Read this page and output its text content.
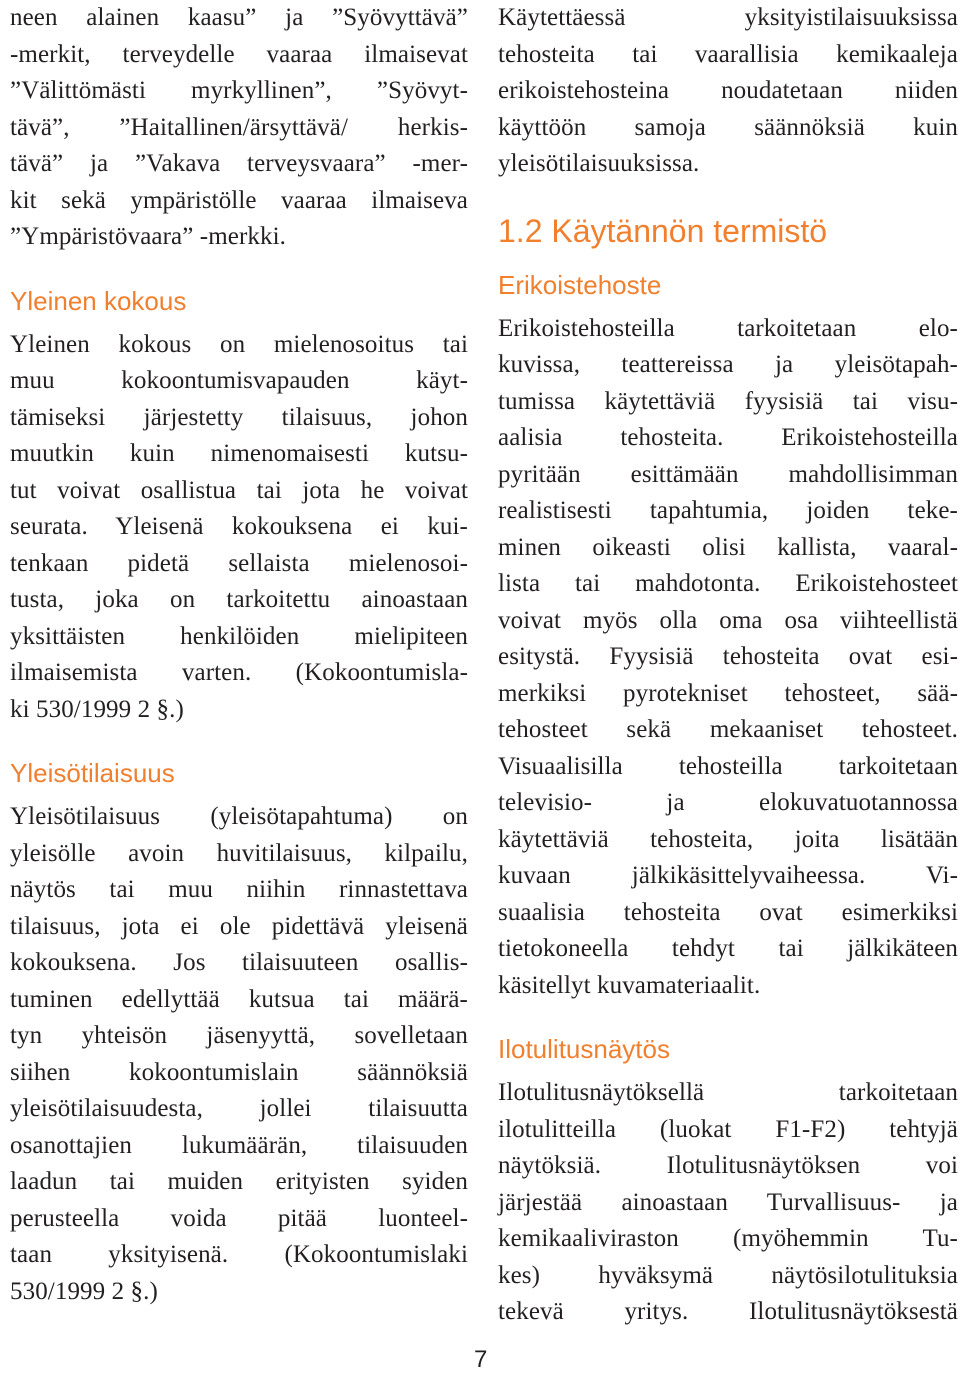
neen alainen kaasu” ja ”Syövyttävä”
-merkit, terveydelle vaaraa ilmaisevat
”Välittömästi myrkyllinen”, ”Syövyt-
tävä”, ”Haitallinen/ärsyttävä/ herkis-
tävä” ja ”Vakava terveysvaara” -mer-
kit sekä ympäristölle vaaraa ilmaiseva
”Ympäristövaara” -merkki.
Yleinen kokous
Yleinen kokous on mielenosoitus tai
muu kokoontumisvapauden käyt-
tämiseksi järjestetty tilaisuus, johon
muutkin kuin nimenomaisesti kutsu-
tut voivat osallistua tai jota he voivat
seurata. Yleisenä kokouksena ei kui-
tenkaan pidetä sellaista mielenosoi-
tusta, joka on tarkoitettu ainoastaan
yksittäisten henkilöiden mielipiteen
ilmaisemista varten. (Kokoontumisla-
ki 530/1999 2 §.)
Yleisötilaisuus
Yleisötilaisuus (yleisötapahtuma) on
yleisölle avoin huvitilaisuus, kilpailu,
näytös tai muu niihin rinnastettava
tilaisuus, jota ei ole pidettävä yleisenä
kokouksena. Jos tilaisuuteen osallis-
tuminen edellyttää kutsua tai määrä-
tyn yhteisön jäsenyyttä, sovelletaan
siihen kokoontumislain säännöksiä
yleisötilaisuudesta, jollei tilaisuutta
osanottajien lukumäärän, tilaisuuden
laadun tai muiden erityisten syiden
perusteella voida pitää luonteel-
taan yksityisenä. (Kokoontumislaki
530/1999 2 §.)
Käytettäessä yksityistilaisuuksissa
tehosteita tai vaarallisia kemikaaleja
erikoistehosteina noudatetaan niiden
käyttöön samoja säännöksiä kuin
yleisötilaisuuksissa.
1.2 Käytännön termistö
Erikoistehoste
Erikoistehosteilla tarkoitetaan elo-
kuvissa, teattereissa ja yleisötapah-
tumissa käytettäviä fyysisiä tai visu-
aalisia tehosteita. Erikoistehosteilla
pyritään esittämään mahdollisimman
realistisesti tapahtumia, joiden teke-
minen oikeasti olisi kallista, vaaral-
lista tai mahdotonta. Erikoistehosteet
voivat myös olla oma osa viihteellistä
esitystä. Fyysisiä tehosteita ovat esi-
merkiksi pyrotekniset tehosteet, sää-
tehosteet sekä mekaaniset tehosteet.
Visuaalisilla tehosteilla tarkoitetaan
televisio- ja elokuvatuotannossa
käytettäviä tehosteita, joita lisätään
kuvaan jälkikäsittelyvaiheessa. Vi-
suaalisia tehosteita ovat esimerkiksi
tietokoneella tehdyt tai jälkikäteen
käsitellyt kuvamateriaalit.
Ilotulitusnäytös
Ilotulitusnäytöksellä tarkoitetaan
ilotulitteilla (luokat F1-F2) tehtyjä
näytöksiä. Ilotulitusnäytöksen voi
järjestää ainoastaan Turvallisuus- ja
kemikaaliviraston (myöhemmin Tu-
kes) hyväksymä näytösilotulituksia
tekevä yritys. Ilotulitusnäytöksestä
7
